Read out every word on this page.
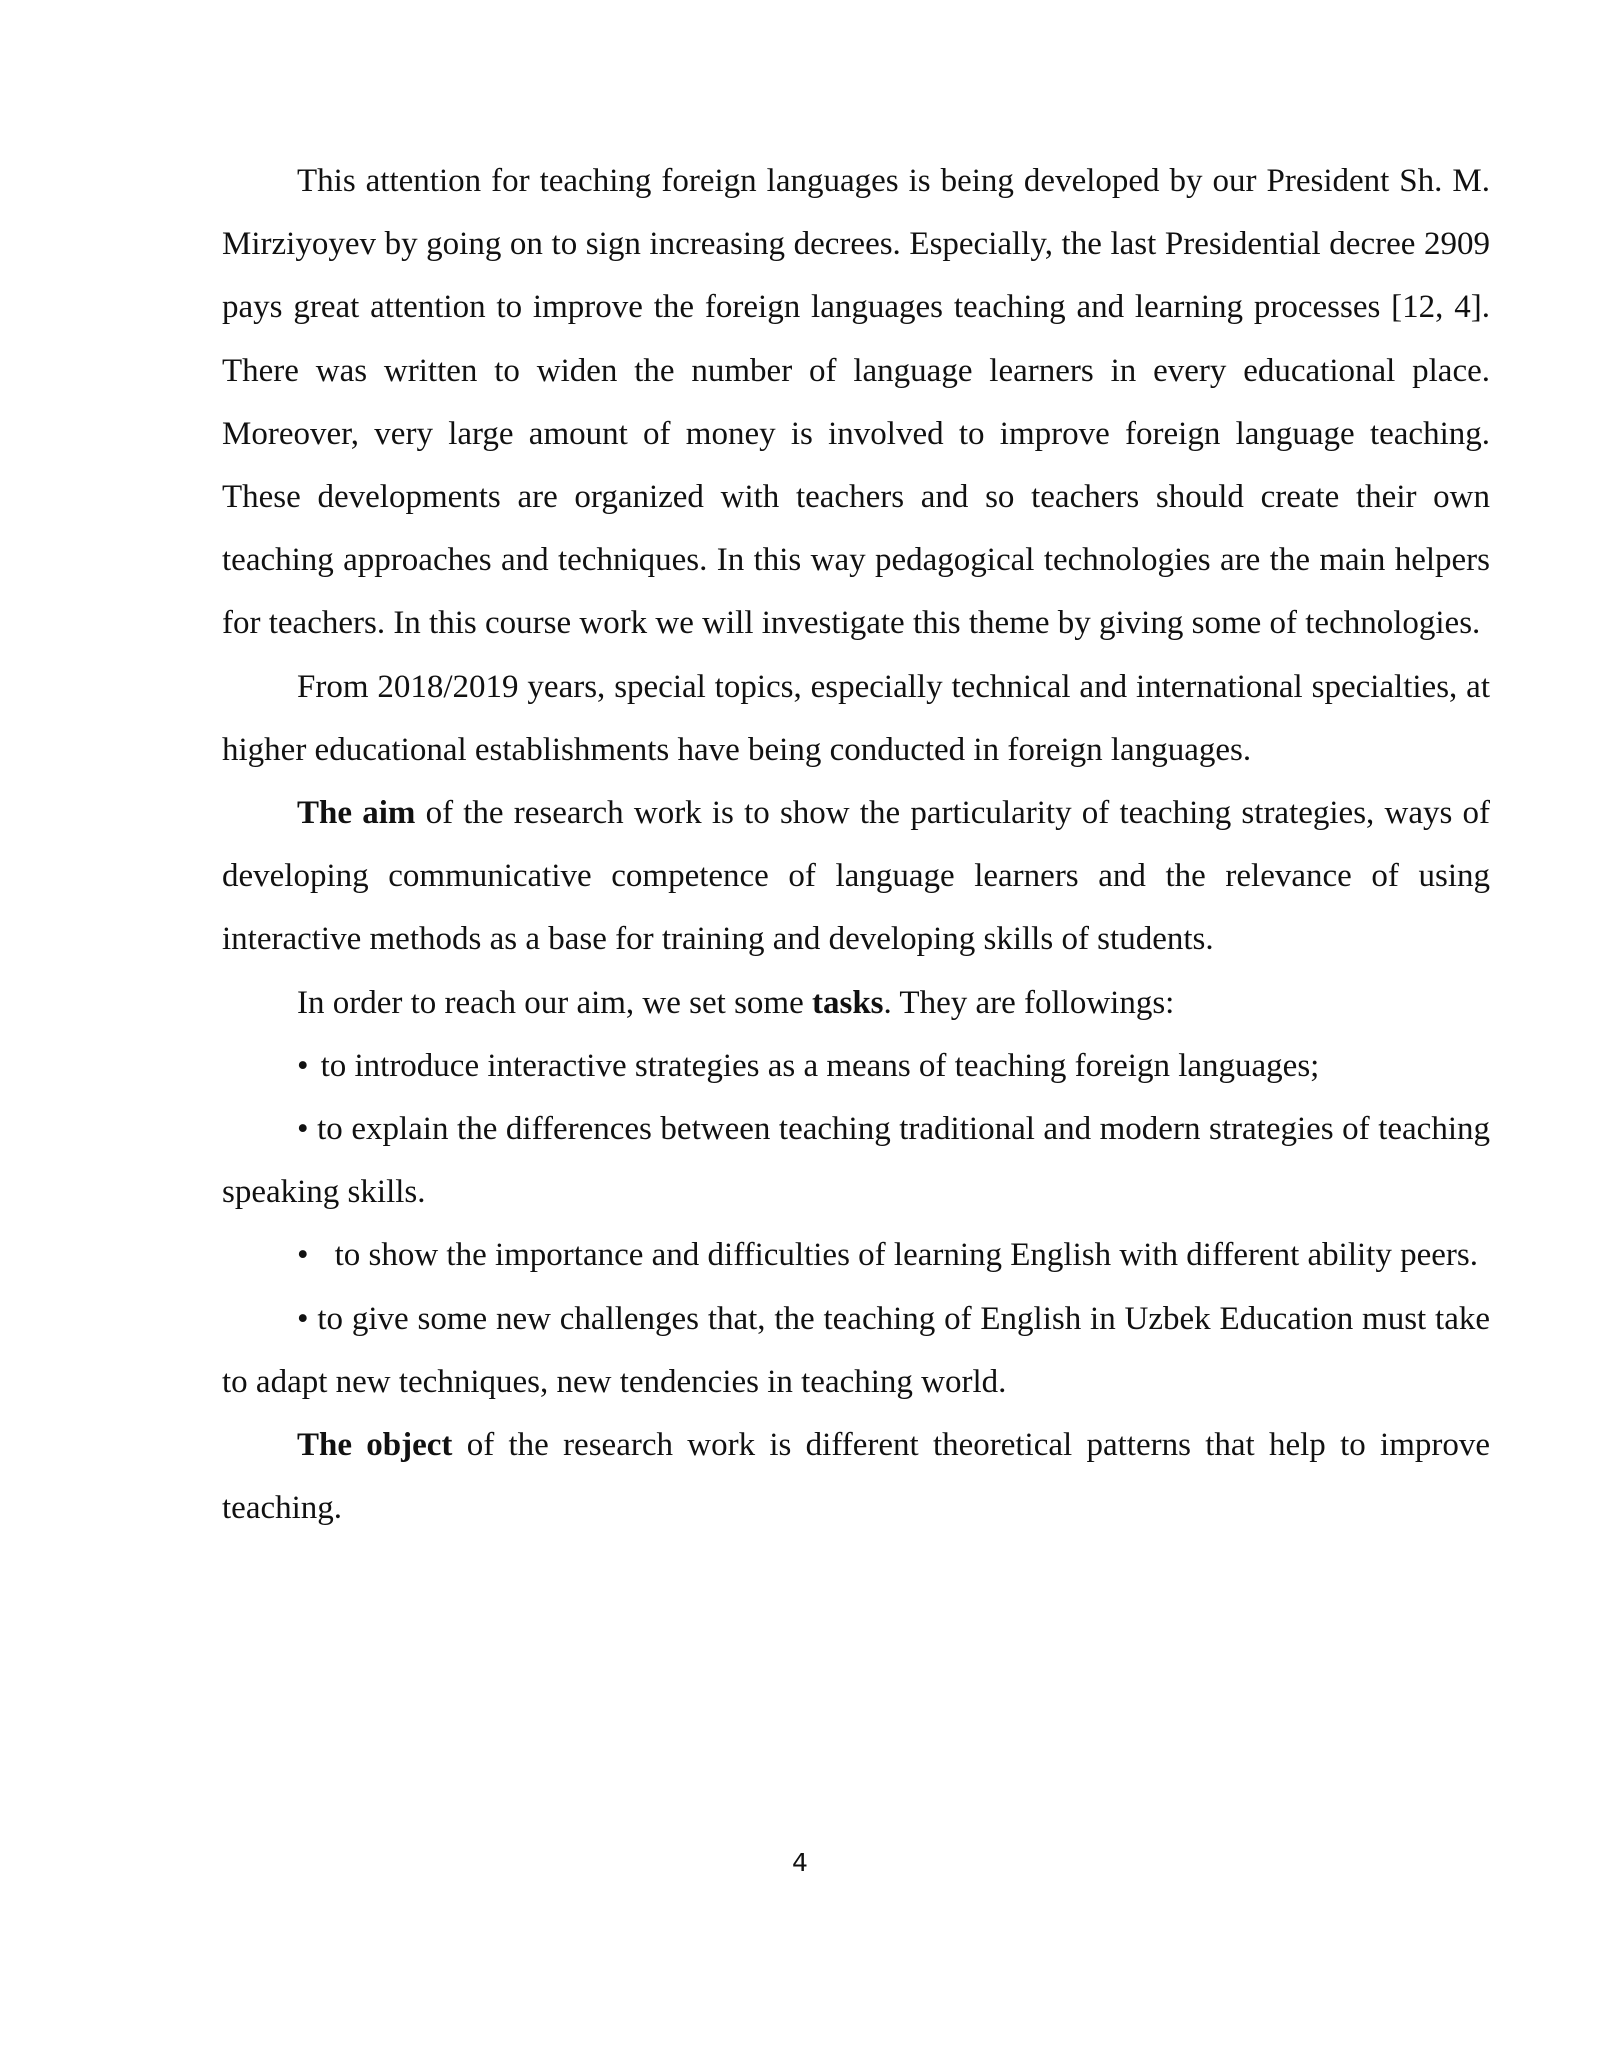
This attention for teaching foreign languages is being developed by our President Sh. M. Mirziyoyev by going on to sign increasing decrees. Especially, the last Presidential decree 2909 pays great attention to improve the foreign languages teaching and learning processes [12, 4]. There was written to widen the number of language learners in every educational place. Moreover, very large amount of money is involved to improve foreign language teaching. These developments are organized with teachers and so teachers should create their own teaching approaches and techniques. In this way pedagogical technologies are the main helpers for teachers. In this course work we will investigate this theme by giving some of technologies.

From 2018/2019 years, special topics, especially technical and international specialties, at higher educational establishments have being conducted in foreign languages.

The aim of the research work is to show the particularity of teaching strategies, ways of developing communicative competence of language learners and the relevance of using interactive methods as a base for training and developing skills of students.

In order to reach our aim, we set some tasks. They are followings:

• to introduce interactive strategies as a means of teaching foreign languages;

• to explain the differences between teaching traditional and modern strategies of teaching speaking skills.

• to show the importance and difficulties of learning English with different ability peers.

• to give some new challenges that, the teaching of English in Uzbek Education must take to adapt new techniques, new tendencies in teaching world.

The object of the research work is different theoretical patterns that help to improve teaching.

4
